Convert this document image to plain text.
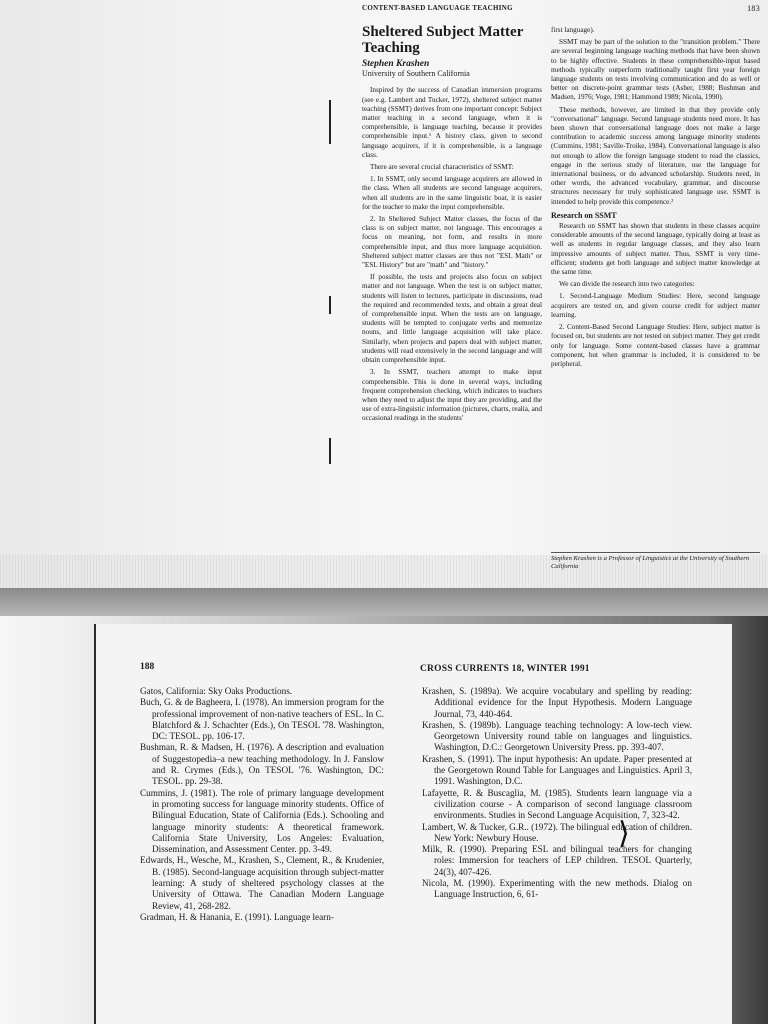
CONTENT-BASED LANGUAGE TEACHING	183
Sheltered Subject Matter Teaching
Stephen Krashen
University of Southern California

Inspired by the success of Canadian immersion programs (see e.g. Lambert and Tucker, 1972), sheltered subject matter teaching (SSMT) derives from one important concept: Subject matter teaching in a second language, when it is comprehensible, is language teaching, because it provides comprehensible input.¹ A history class, given to second language acquirers, if it is comprehensible, is a language class.

There are several crucial characteristics of SSMT:

1. In SSMT, only second language acquirers are allowed in the class. When all students are second language acquirers, when all students are in the same linguistic boat, it is easier for the teacher to make the input comprehensible.

2. In Sheltered Subject Matter classes, the focus of the class is on subject matter, not language. This encourages a focus on meaning, not form, and results in more comprehensible input, and thus more language acquisition. Sheltered subject matter classes are thus not "ESL Math" or "ESL History" but are "math" and "history."

If possible, the tests and projects also focus on subject matter and not language. When the test is on subject matter, students will listen to lectures, participate in discussions, read the required and recommended texts, and obtain a great deal of comprehensible input. When the tests are on language, students will be tempted to conjugate verbs and memorize nouns, and little language acquisition will take place. Similarly, when projects and papers deal with subject matter, students will read extensively in the second language and will obtain comprehensible input.

3. In SSMT, teachers attempt to make input comprehensible. This is done in several ways, including frequent comprehension checking, which indicates to teachers when they need to adjust the input they are providing, and the use of extra-linguistic information (pictures, charts, realia, and occasional readings in the students'

first language).

SSMT may be part of the solution to the "transition problem." There are several beginning language teaching methods that have been shown to be highly effective. Students in these comprehensible-input based methods typically outperform traditionally taught first year foreign language students on tests involving communication and do as well or better on discrete-point grammar tests (Asher, 1988; Bushman and Madsen, 1976; Voge, 1981; Hammond 1989; Nicola, 1990).

These methods, however, are limited in that they provide only "conversational" language. Second language students need more. It has been shown that conversational language does not make a large contribution to academic success among language minority students (Cummins, 1981; Saville-Troike, 1984). Conversational language is also not enough to allow the foreign language student to read the classics, engage in the serious study of literature, use the language for international business, or do advanced scholarship. Students need, in other words, the advanced vocabulary, grammar, and discourse structures necessary for truly sophisticated language use. SSMT is intended to help provide this competence.²

Research on SSMT

Research on SSMT has shown that students in these classes acquire considerable amounts of the second language, typically doing at least as well as students in regular language classes, and they also learn impressive amounts of subject matter. Thus, SSMT is very time-efficient; students get both language and subject matter knowledge at the same time.

We can divide the research into two categories:

1. Second-Language Medium Studies: Here, second language acquirers are tested on, and given course credit for subject matter learning.

2. Content-Based Second Language Studies: Here, subject matter is focused on, but students are not tested on subject matter. They get credit only for language. Some content-based classes have a grammar component, but when grammar is included, it is considered to be peripheral.

Stephen Krashen is a Professor of Linguistics at the University of Southern California
188	CROSS CURRENTS 18, WINTER 1991
Gatos, California: Sky Oaks Productions.
Buch, G. & de Bagheera, I. (1978). An immersion program for the professional improvement of non-native teachers of ESL. In C. Blatchford & J. Schachter (Eds.), On TESOL '78. Washington, DC: TESOL. pp. 106-17.
Bushman, R. & Madsen, H. (1976). A description and evaluation of Suggestopedia–a new teaching methodology. In J. Fanslow and R. Crymes (Eds.), On TESOL '76. Washington, DC: TESOL. pp. 29-38.
Cummins, J. (1981). The role of primary language development in promoting success for language minority students. Office of Bilingual Education, State of California (Eds.). Schooling and language minority students: A theoretical framework. California State University, Los Angeles: Evaluation, Dissemination, and Assessment Center. pp. 3-49.
Edwards, H., Wesche, M., Krashen, S., Clement, R., & Krudenier, B. (1985). Second-language acquisition through subject-matter learning: A study of sheltered psychology classes at the University of Ottawa. The Canadian Modern Language Review, 41, 268-282.
Gradman, H. & Hanania, E. (1991). Language learn-
Krashen, S. (1989a). We acquire vocabulary and spelling by reading: Additional evidence for the Input Hypothesis. Modern Language Journal, 73, 440-464.
Krashen, S. (1989b). Language teaching technology: A low-tech view. Georgetown University round table on languages and linguistics. Washington, D.C.: Georgetown University Press. pp. 393-407.
Krashen, S. (1991). The input hypothesis: An update. Paper presented at the Georgetown Round Table for Languages and Linguistics. April 3, 1991. Washington, D.C.
Lafayette, R. & Buscaglia, M. (1985). Students learn language via a civilization course - A comparison of second language classroom environments. Studies in Second Language Acquisition, 7, 323-42.
Lambert, W. & Tucker, G.R.. (1972). The bilingual education of children. New York: Newbury House.
Milk, R. (1990). Preparing ESL and bilingual teachers for changing roles: Immersion for teachers of LEP children. TESOL Quarterly, 24(3), 407-426.
Nicola, M. (1990). Experimenting with the new methods. Dialog on Language Instruction, 6, 61-
⟩
